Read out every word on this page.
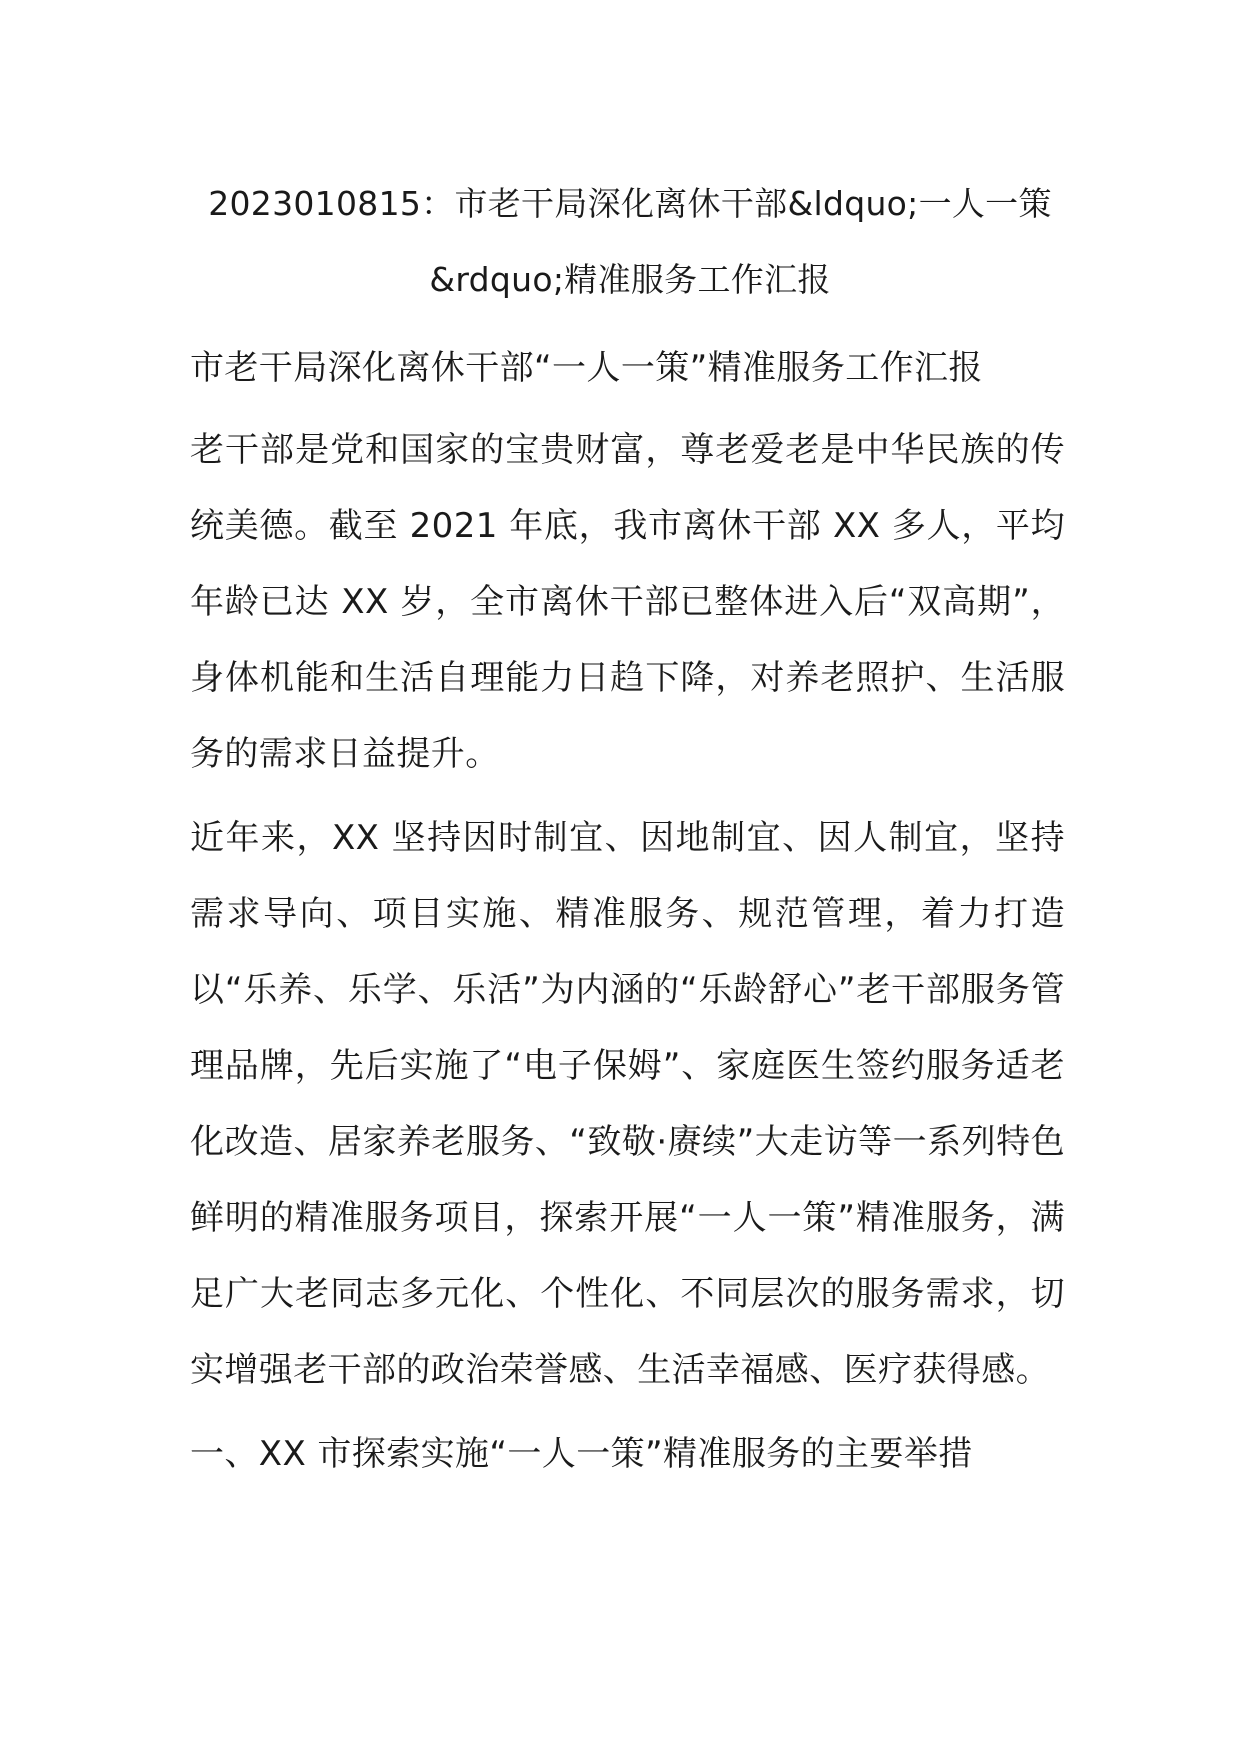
2023010815：市老干局深化离休干部&ldquo;一人一策&rdquo;精准服务工作汇报

市老干局深化离休干部“一人一策”精准服务工作汇报

老干部是党和国家的宝贵财富，尊老爱老是中华民族的传统美德。截至 2021 年底，我市离休干部 XX 多人，平均年龄已达 XX 岁，全市离休干部已整体进入后“双高期”，身体机能和生活自理能力日趋下降，对养老照护、生活服务的需求日益提升。

近年来，XX 坚持因时制宜、因地制宜、因人制宜，坚持需求导向、项目实施、精准服务、规范管理，着力打造以“乐养、乐学、乐活”为内涵的“乐龄舒心”老干部服务管理品牌，先后实施了“电子保姆”、家庭医生签约服务适老化改造、居家养老服务、“致敬·赓续”大走访等一系列特色鲜明的精准服务项目，探索开展“一人一策”精准服务，满足广大老同志多元化、个性化、不同层次的服务需求，切实增强老干部的政治荣誉感、生活幸福感、医疗获得感。

一、XX 市探索实施“一人一策”精准服务的主要举措
